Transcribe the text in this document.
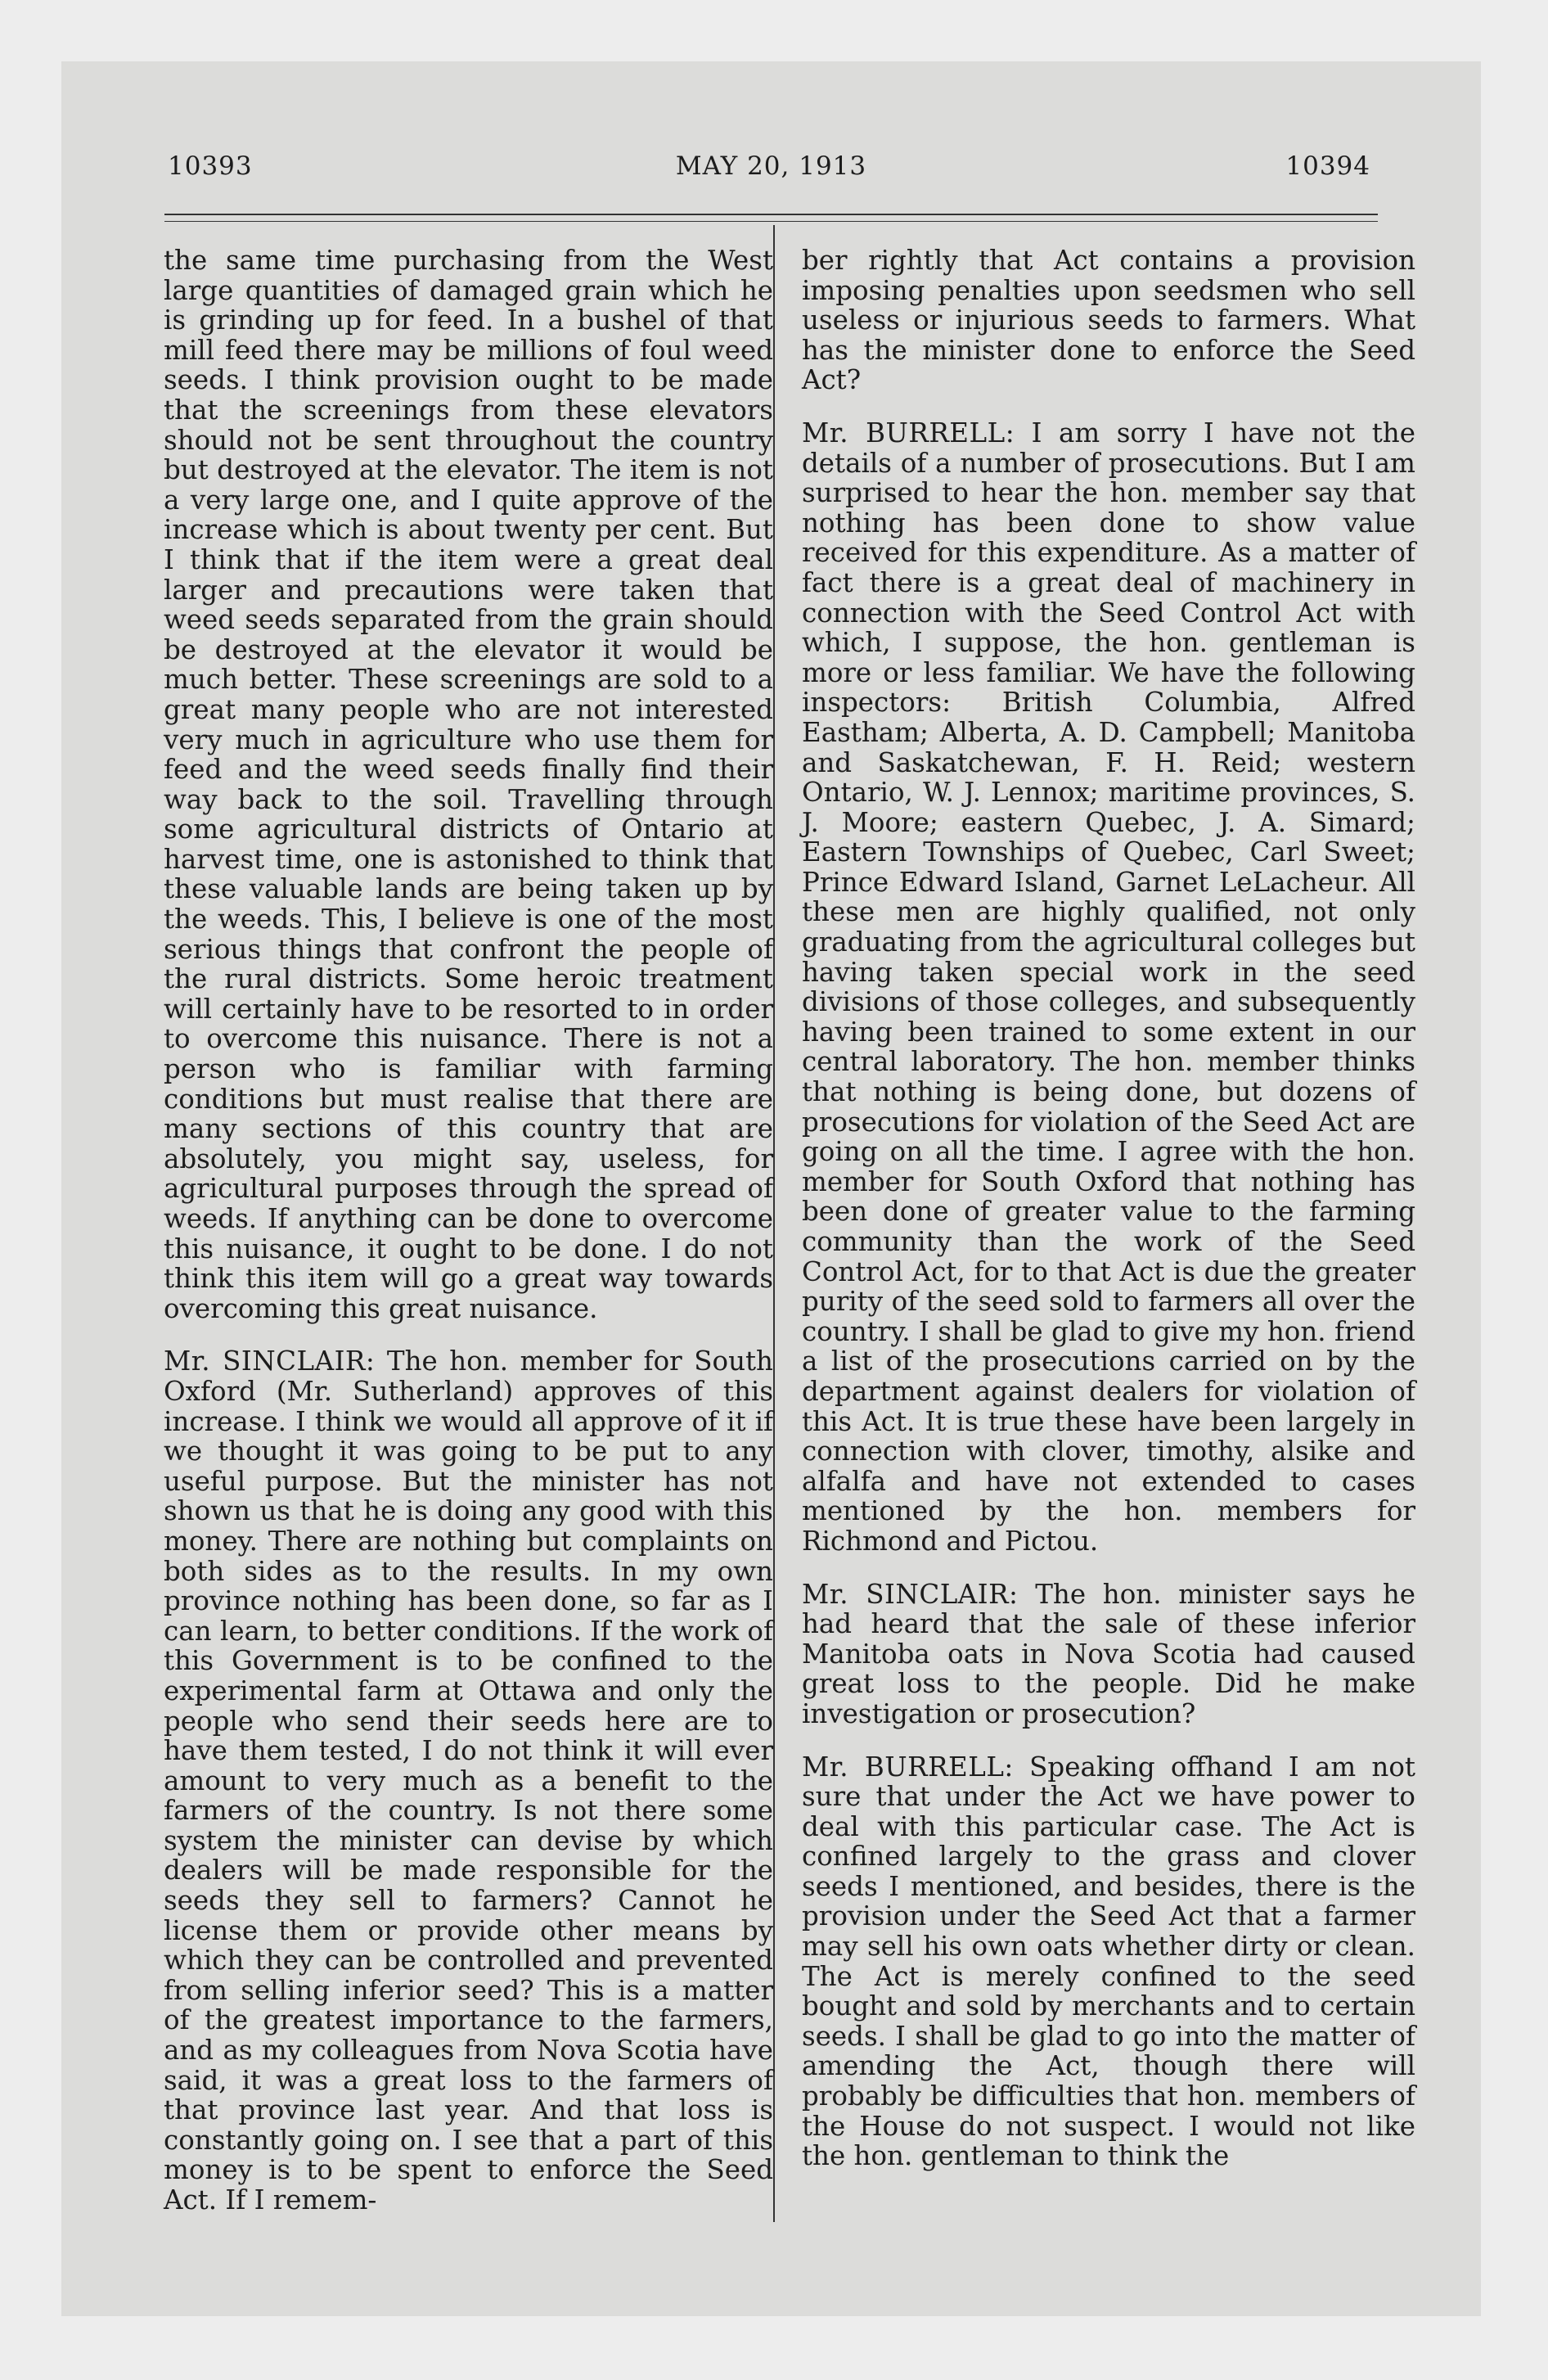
10393	MAY 20, 1913	10394

the same time purchasing from the West large quantities of damaged grain which he is grinding up for feed. In a bushel of that mill feed there may be millions of foul weed seeds. I think provision ought to be made that the screenings from these elevators should not be sent throughout the country but destroyed at the elevator. The item is not a very large one, and I quite approve of the increase which is about twenty per cent. But I think that if the item were a great deal larger and precautions were taken that weed seeds separated from the grain should be destroyed at the elevator it would be much better. These screenings are sold to a great many people who are not interested very much in agriculture who use them for feed and the weed seeds finally find their way back to the soil. Travelling through some agricultural districts of Ontario at harvest time, one is astonished to think that these valuable lands are being taken up by the weeds. This, I believe is one of the most serious things that confront the people of the rural districts. Some heroic treatment will certainly have to be resorted to in order to overcome this nuisance. There is not a person who is familiar with farming conditions but must realise that there are many sections of this country that are absolutely, you might say, useless, for agricultural purposes through the spread of weeds. If anything can be done to overcome this nuisance, it ought to be done. I do not think this item will go a great way towards overcoming this great nuisance.

Mr. SINCLAIR: The hon. member for South Oxford (Mr. Sutherland) approves of this increase. I think we would all approve of it if we thought it was going to be put to any useful purpose. But the minister has not shown us that he is doing any good with this money. There are nothing but complaints on both sides as to the results. In my own province nothing has been done, so far as I can learn, to better conditions. If the work of this Government is to be confined to the experimental farm at Ottawa and only the people who send their seeds here are to have them tested, I do not think it will ever amount to very much as a benefit to the farmers of the country. Is not there some system the minister can devise by which dealers will be made responsible for the seeds they sell to farmers? Cannot he license them or provide other means by which they can be controlled and prevented from selling inferior seed? This is a matter of the greatest importance to the farmers, and as my colleagues from Nova Scotia have said, it was a great loss to the farmers of that province last year. And that loss is constantly going on. I see that a part of this money is to be spent to enforce the Seed Act. If I remem-

ber rightly that Act contains a provision imposing penalties upon seedsmen who sell useless or injurious seeds to farmers. What has the minister done to enforce the Seed Act?

Mr. BURRELL: I am sorry I have not the details of a number of prosecutions. But I am surprised to hear the hon. member say that nothing has been done to show value received for this expenditure. As a matter of fact there is a great deal of machinery in connection with the Seed Control Act with which, I suppose, the hon. gentleman is more or less familiar. We have the following inspectors: British Columbia, Alfred Eastham; Alberta, A. D. Campbell; Manitoba and Saskatchewan, F. H. Reid; western Ontario, W. J. Lennox; maritime provinces, S. J. Moore; eastern Quebec, J. A. Simard; Eastern Townships of Quebec, Carl Sweet; Prince Edward Island, Garnet LeLacheur. All these men are highly qualified, not only graduating from the agricultural colleges but having taken special work in the seed divisions of those colleges, and subsequently having been trained to some extent in our central laboratory. The hon. member thinks that nothing is being done, but dozens of prosecutions for violation of the Seed Act are going on all the time. I agree with the hon. member for South Oxford that nothing has been done of greater value to the farming community than the work of the Seed Control Act, for to that Act is due the greater purity of the seed sold to farmers all over the country. I shall be glad to give my hon. friend a list of the prosecutions carried on by the department against dealers for violation of this Act. It is true these have been largely in connection with clover, timothy, alsike and alfalfa and have not extended to cases mentioned by the hon. members for Richmond and Pictou.

Mr. SINCLAIR: The hon. minister says he had heard that the sale of these inferior Manitoba oats in Nova Scotia had caused great loss to the people. Did he make investigation or prosecution?

Mr. BURRELL: Speaking offhand I am not sure that under the Act we have power to deal with this particular case. The Act is confined largely to the grass and clover seeds I mentioned, and besides, there is the provision under the Seed Act that a farmer may sell his own oats whether dirty or clean. The Act is merely confined to the seed bought and sold by merchants and to certain seeds. I shall be glad to go into the matter of amending the Act, though there will probably be difficulties that hon. members of the House do not suspect. I would not like the hon. gentleman to think the
